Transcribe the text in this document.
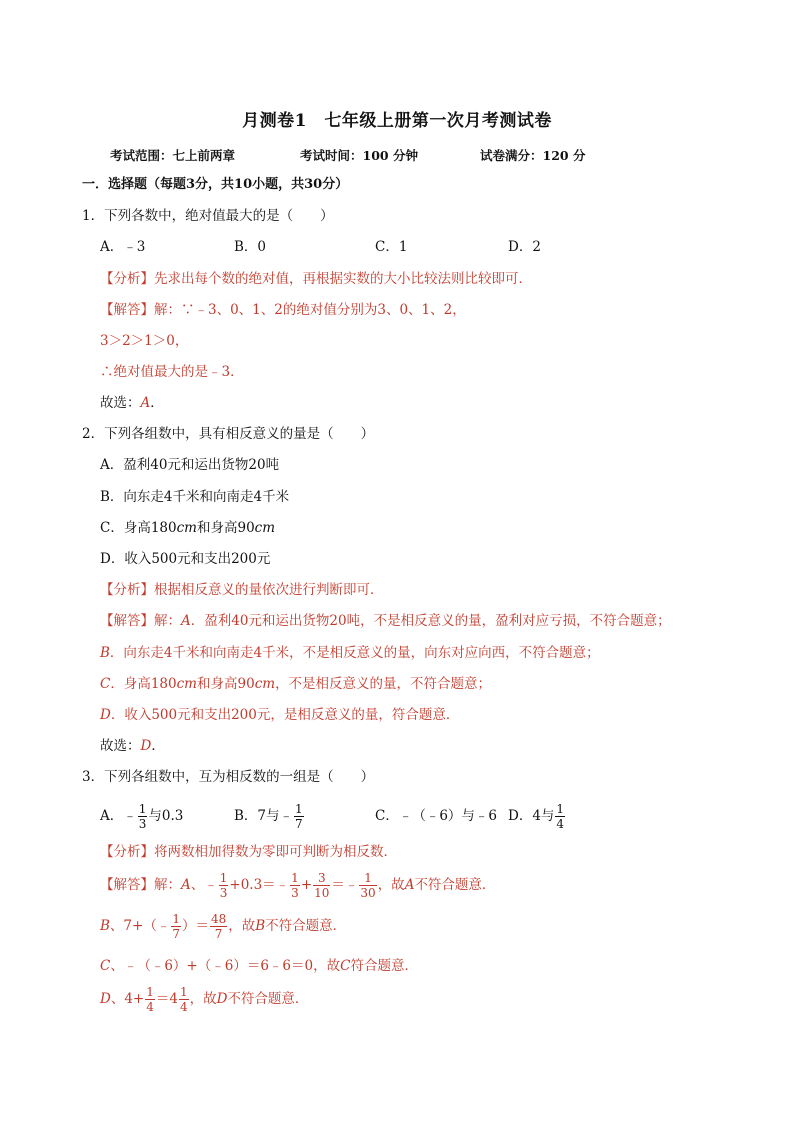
月测卷1　七年级上册第一次月考测试卷
考试范围：七上前两章	考试时间：100 分钟	试卷满分：120 分
一．选择题（每题3分，共10小题，共30分）
1．下列各数中，绝对值最大的是（　　）
A．﹣3	B．0	C．1	D．2
【分析】先求出每个数的绝对值，再根据实数的大小比较法则比较即可．
【解答】解：∵﹣3、0、1、2的绝对值分别为3、0、1、2，
3＞2＞1＞0，
∴绝对值最大的是﹣3．
故选：A．
2．下列各组数中，具有相反意义的量是（　　）
A．盈利40元和运出货物20吨
B．向东走4千米和向南走4千米
C．身高180cm和身高90cm
D．收入500元和支出200元
【分析】根据相反意义的量依次进行判断即可．
【解答】解：A．盈利40元和运出货物20吨，不是相反意义的量，盈利对应亏损，不符合题意；
B．向东走4千米和向南走4千米，不是相反意义的量，向东对应向西，不符合题意；
C．身高180cm和身高90cm，不是相反意义的量，不符合题意；
D．收入500元和支出200元，是相反意义的量，符合题意．
故选：D．
3．下列各组数中，互为相反数的一组是（　　）
A．﹣ $\frac{1}{3}$ 与0.3	B．7与﹣ $\frac{1}{7}$	C．﹣（﹣6）与﹣6 D．4与 $\frac{1}{4}$
【分析】将两数相加得数为零即可判断为相反数．
【解答】 解： A 、﹣ $\frac{1}{3}$ +0.3＝﹣ $\frac{1}{3} + \frac{3}{10}$ ＝﹣ $\frac{1}{30}$ ，故 A 不符合题意．
B 、7+（﹣ $\frac{1}{7}$ ）＝ $\frac{48}{7}$ ，故 B 不符合题意．
C、﹣（﹣6）+（﹣6）＝6﹣6＝0，故C符合题意．
D 、$4+ \frac{1}{4} =4 \frac{1}{4}$ ，故 D 不符合题意．
